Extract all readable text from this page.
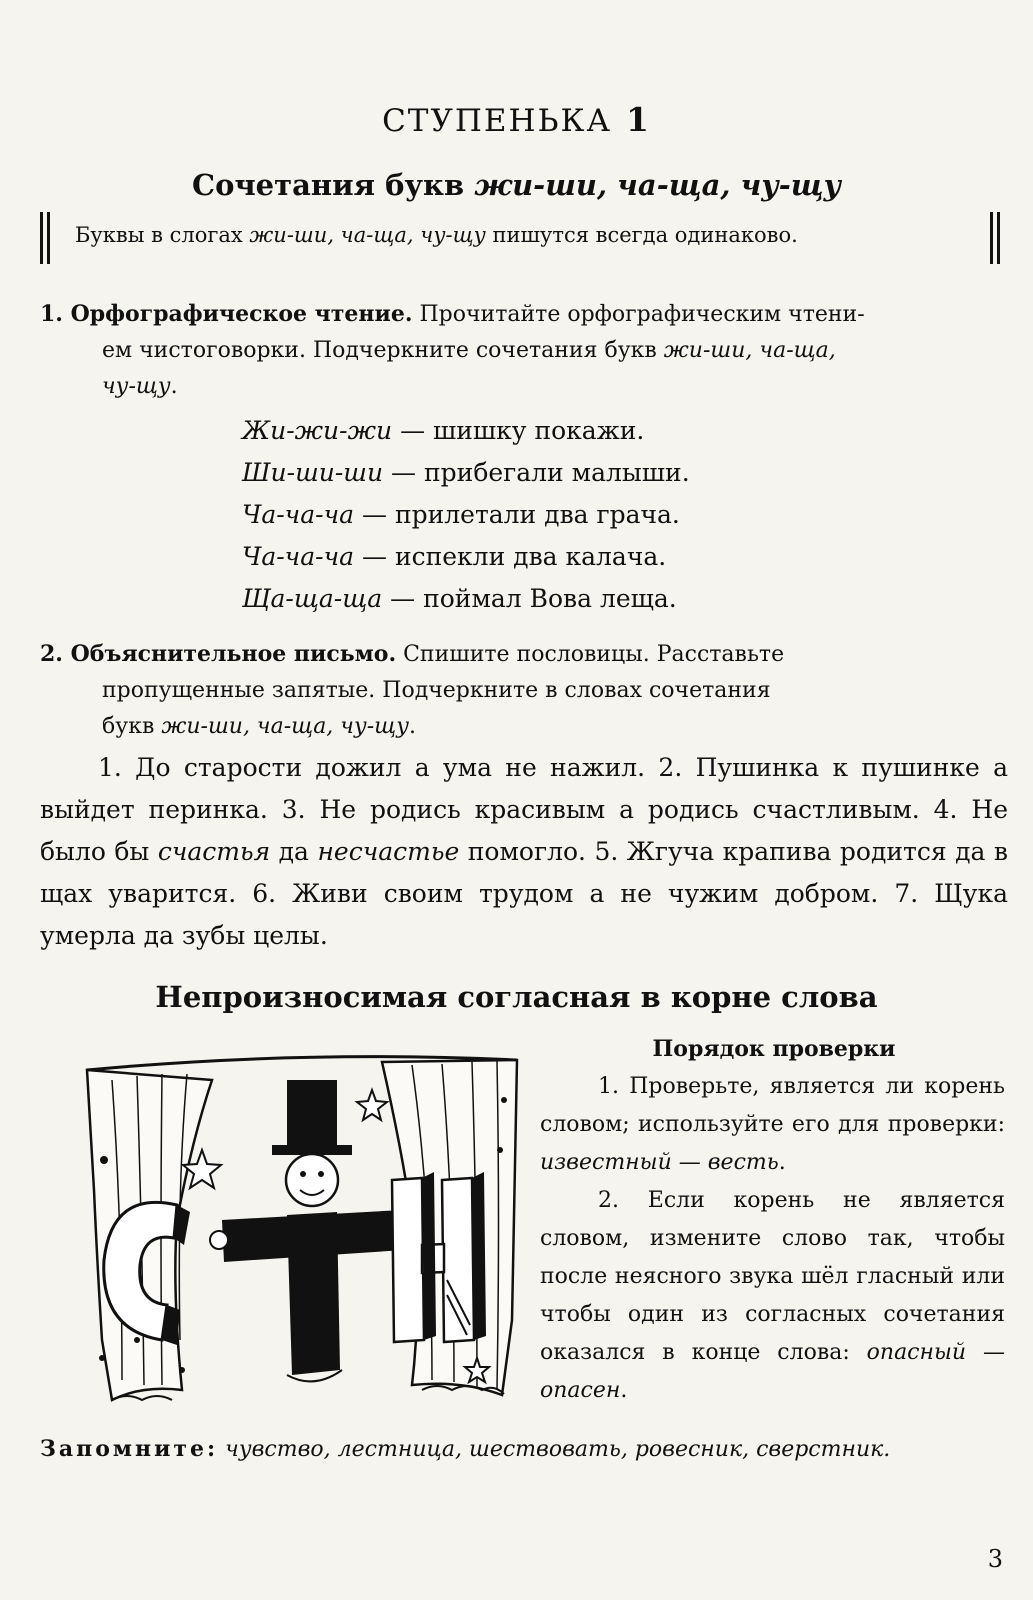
СТУПЕНЬКА 1
Сочетания букв жи-ши, ча-ща, чу-щу
Буквы в слогах жи-ши, ча-ща, чу-щу пишутся всегда одинаково.
1. Орфографическое чтение. Прочитайте орфографическим чтени-
ем чистоговорки. Подчеркните сочетания букв жи-ши, ча-ща,
чу-щу.
Жи-жи-жи — шишку покажи.
Ши-ши-ши — прибегали малыши.
Ча-ча-ча — прилетали два грача.
Ча-ча-ча — испекли два калача.
Ща-ща-ща — поймал Вова леща.
2. Объяснительное письмо. Спишите пословицы. Расставьте
пропущенные запятые. Подчеркните в словах сочетания
букв жи-ши, ча-ща, чу-щу.
1. До старости дожил а ума не нажил. 2. Пушинка к пушинке а выйдет перинка. 3. Не родись красивым а родись счастливым. 4. Не было бы счастья да несчастье помогло. 5. Жгуча крапива родится да в щах уварится. 6. Живи своим трудом а не чужим добром. 7. Щука умерла да зубы целы.
Непроизносимая согласная в корне слова
Порядок проверки

1. Проверьте, является ли корень словом; используйте его для проверки: известный — весть.

2. Если корень не является словом, измените слово так, чтобы после неясного звука шёл гласный или чтобы один из согласных сочетания оказался в конце слова: опасный — опасен.

Запомните: чувство, лестница, шествовать, ровесник, сверстник.
3
